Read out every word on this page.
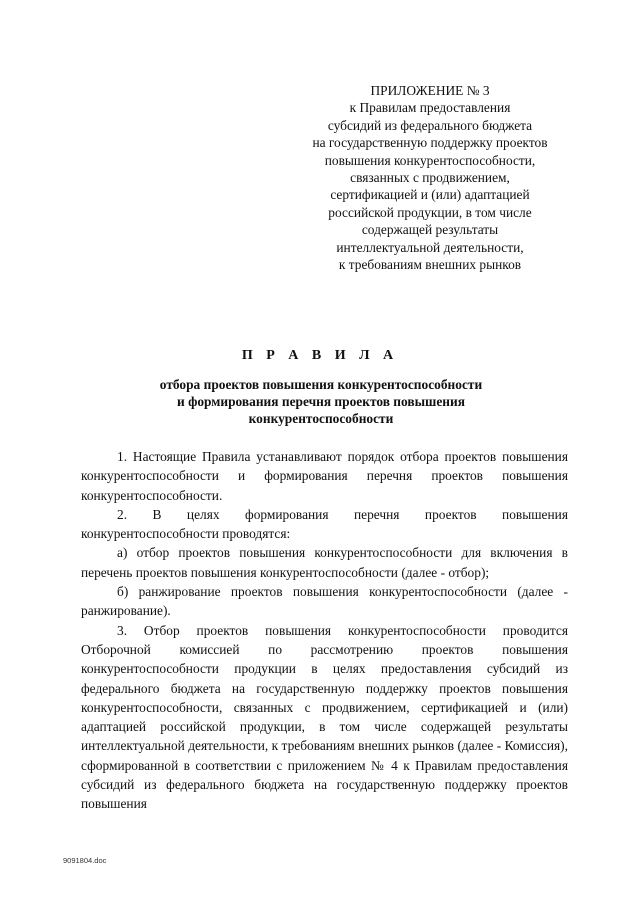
ПРИЛОЖЕНИЕ № 3
к Правилам предоставления
субсидий из федерального бюджета
на государственную поддержку проектов
повышения конкурентоспособности,
связанных с продвижением,
сертификацией и (или) адаптацией
российской продукции, в том числе
содержащей результаты
интеллектуальной деятельности,
к требованиям внешних рынков
П Р А В И Л А
отбора проектов повышения конкурентоспособности
и формирования перечня проектов повышения
конкурентоспособности

1. Настоящие Правила устанавливают порядок отбора проектов повышения конкурентоспособности и формирования перечня проектов повышения конкурентоспособности.

2. В целях формирования перечня проектов повышения конкурентоспособности проводятся:

а) отбор проектов повышения конкурентоспособности для включения в перечень проектов повышения конкурентоспособности (далее - отбор);

б) ранжирование проектов повышения конкурентоспособности (далее - ранжирование).

3. Отбор проектов повышения конкурентоспособности проводится Отборочной комиссией по рассмотрению проектов повышения конкурентоспособности продукции в целях предоставления субсидий из федерального бюджета на государственную поддержку проектов повышения конкурентоспособности, связанных с продвижением, сертификацией и (или) адаптацией российской продукции, в том числе содержащей результаты интеллектуальной деятельности, к требованиям внешних рынков (далее - Комиссия), сформированной в соответствии с приложением № 4 к Правилам предоставления субсидий из федерального бюджета на государственную поддержку проектов повышения

9091804.doc
